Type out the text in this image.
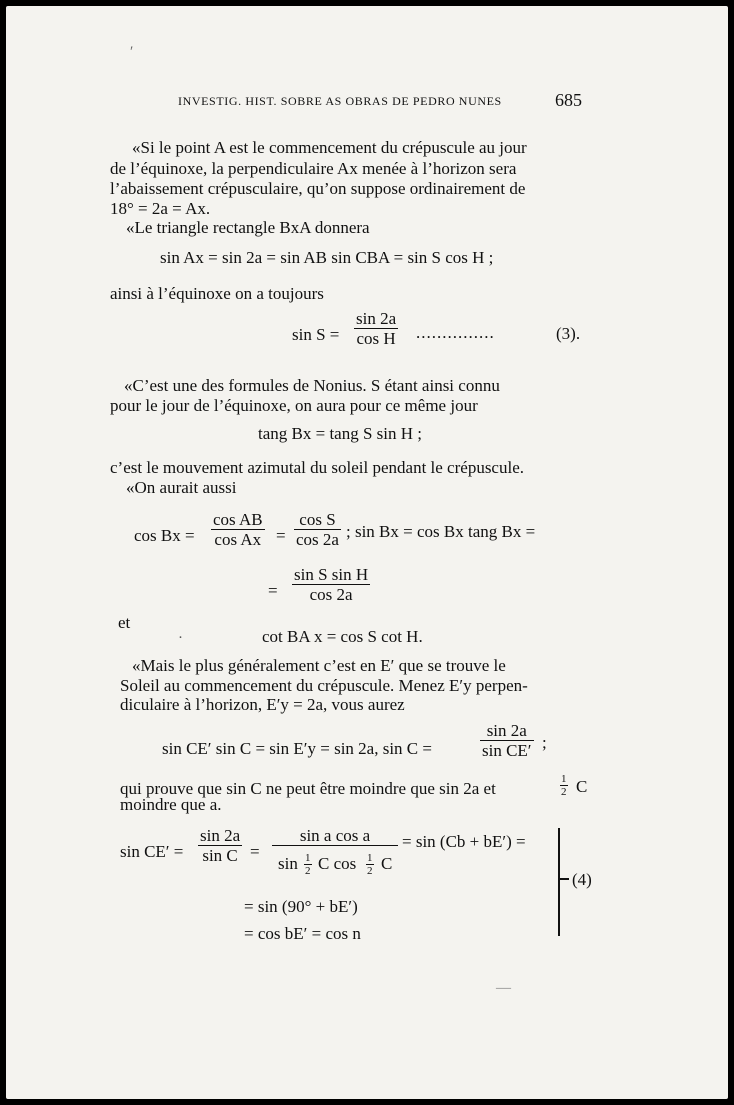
INVESTIG. HIST. SOBRE AS OBRAS DE PEDRO NUNES	685
«Si le point A est le commencement du crépuscule au jour
de l’équinoxe, la perpendiculaire Ax menée à l’horizon sera
l’abaissement crépusculaire, qu’on suppose ordinairement de
18° = 2a = Ax.
«Le triangle rectangle BxA donnera
sin Ax = sin 2a = sin AB sin CBA = sin S cos H ;
ainsi à l’équinoxe on a toujours
$\sin S = \frac{\sin 2a}{\text{cos H}}$ ...............	(3).
«C’est une des formules de Nonius. S étant ainsi connu
pour le jour de l’équinoxe, on aura pour ce même jour
tang Bx = tang S sin H ;
c’est le mouvement azimutal du soleil pendant le crépuscule.
«On aurait aussi
$\cos Bx = \frac{\text{cos AB}}{\text{cos Ax}} = \frac{\text{cos S}}{\cos 2a}$ ; sin Bx = cos Bx tang Bx =
= $\frac{\text{sin S sin H}}{\cos 2a}$
et
cot BA x = cos S cot H.
«Mais le plus généralement c’est en E′ que se trouve le
Soleil au commencement du crépuscule. Menez E′y perpen-
diculaire à l’horizon, E′y = 2a, vous aurez
sin CE′ sin C = sin E′y = sin 2a, sin C =	$\frac{\sin 2a}{\text{sin CE′}}$ ;
qui prouve que sin C ne peut être moindre que sin 2a et	$\frac{1}{2}$ C
moindre que a.
$\sin CE' = \frac{\sin 2a}{\text{sin C}}$ =
sin a cos a
$\sin \frac{1}{2}$ C $\cos \frac{1}{2}$ C
= sin (Cb + bE′) =
= sin (90° + bE′)
= cos bE′ = cos n
(4)
ʹ
·
—
